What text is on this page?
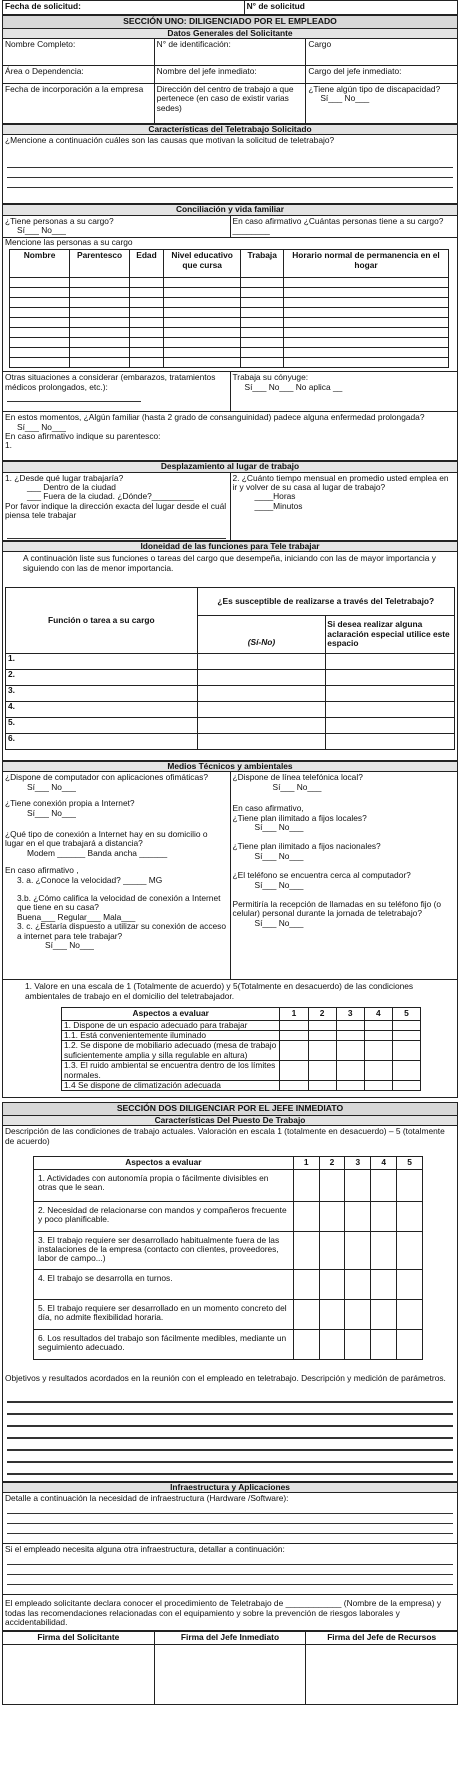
Fecha de solicitud:	N° de solicitud
SECCIÓN UNO: DILIGENCIADO POR EL EMPLEADO		
Datos Generales del Solicitante		
Nombre Completo:	N° de identificación:	Cargo
Área o Dependencia:	Nombre del jefe inmediato:	Cargo del jefe inmediato:
Fecha de incorporación a la empresa	Dirección del centro de trabajo a que pertenece (en caso de existir varias sedes)	¿Tiene algún tipo de discapacidad?
Sí___ No___
Características del Teletrabajo Solicitado

¿Mencione a continuación cuáles son las causas que motivan la solicitud de teletrabajo?
Conciliación y vida familiar

¿Tiene personas a su cargo?
Sí___ No___
	En caso afirmativo ¿Cuántas personas tiene a su cargo? ________

Mencione las personas a su cargo
Nombre	Parentesco	Edad	Nivel educativo que cursa	Trabaja	Horario normal de permanencia en el hogar

Otras situaciones a considerar (embarazos, tratamientos médicos prolongados, etc.):

Trabaja su cónyuge:
Sí___ No___ No aplica __

En estos momentos, ¿Algún familiar (hasta 2 grado de consanguinidad) padece alguna enfermedad prolongada?
Sí___ No___
En caso afirmativo indique su parentesco:
1.
Desplazamiento al lugar de trabajo

1. ¿Desde qué lugar trabajaría?
___ Dentro de la ciudad
___ Fuera de la ciudad. ¿Dónde?_________
Por favor indique la dirección exacta del lugar desde el cuál piensa tele trabajar

2. ¿Cuánto tiempo mensual en promedio usted emplea en ir y volver de su casa al lugar de trabajo?
____Horas
____Minutos
Idoneidad de las funciones para Tele trabajar

A continuación liste sus funciones o tareas del cargo que desempeña, iniciando con las de mayor importancia y siguiendo con las de menor importancia.
Función o tarea a su cargo	¿Es susceptible de realizarse a través del Teletrabajo?
	Si desea realizar alguna aclaración especial utilice este espacio
(Sí-No)
1.		
2.		
3.		
4.		
5.		
6.		
Medios Técnicos y ambientales

¿Dispone de computador con aplicaciones ofimáticas?
Sí___ No___
¿Tiene conexión propia a Internet?
Sí___ No___
¿Qué tipo de conexión a Internet hay en su domicilio o lugar en el que trabajará a distancia?
Modem ______ Banda ancha ______
En caso afirmativo ,
3. a. ¿Conoce la velocidad? _____ MG
3.b. ¿Cómo califica la velocidad de conexión a Internet que tiene en su casa?
Buena___ Regular___ Mala___
3. c. ¿Estaría dispuesto a utilizar su conexión de acceso a internet para tele trabajar?
Sí___ No___

¿Dispone de línea telefónica local?
Sí___ No___
En caso afirmativo,
¿Tiene plan ilimitado a fijos locales?
Sí___ No___
¿Tiene plan ilimitado a fijos nacionales?
Sí___ No___
¿El teléfono se encuentra cerca al computador?
Sí___ No___
Permitiría la recepción de llamadas en su teléfono fijo (o celular) personal durante la jornada de teletrabajo?
Sí___ No___

1. Valore en una escala de 1 (Totalmente de acuerdo) y 5(Totalmente en desacuerdo) de las condiciones ambientales de trabajo en el domicilio del teletrabajador.
Aspectos a evaluar	1	2	3	4	5
1. Dispone de un espacio adecuado para trabajar					
1.1. Está convenientemente iluminado					
1.2. Se dispone de mobiliario adecuado (mesa de trabajo suficientemente amplia y silla regulable en altura)					
1.3. El ruido ambiental se encuentra dentro de los límites normales.					
1.4 Se dispone de climatización adecuada					
SECCIÓN DOS DILIGENCIAR POR EL JEFE INMEDIATO
Características Del Puesto De Trabajo

Descripción de las condiciones de trabajo actuales. Valoración en escala 1 (totalmente en desacuerdo) – 5 (totalmente de acuerdo)
Aspectos a evaluar	1	2	3	4	5
1. Actividades con autonomía propia o fácilmente divisibles en otras que le sean.					
2. Necesidad de relacionarse con mandos y compañeros frecuente y poco planificable.					
3. El trabajo requiere ser desarrollado habitualmente fuera de las instalaciones de la empresa (contacto con clientes, proveedores, labor de campo...)					
4. El trabajo se desarrolla en turnos.					
5. El trabajo requiere ser desarrollado en un momento concreto del día, no admite flexibilidad horaria.					
6. Los resultados del trabajo son fácilmente medibles, mediante un seguimiento adecuado.					
Objetivos y resultados acordados en la reunión con el empleado en teletrabajo. Descripción y medición de parámetros.
Infraestructura y Aplicaciones

Detalle a continuación la necesidad de infraestructura (Hardware /Software):

Si el empleado necesita alguna otra infraestructura, detallar a continuación:

El empleado solicitante declara conocer el procedimiento de Teletrabajo de ____________ (Nombre de la empresa) y todas las recomendaciones relacionadas con el equipamiento y sobre la prevención de riesgos laborales y accidentabilidad.
Firma del Solicitante	Firma del Jefe Inmediato	Firma del Jefe de Recursos
